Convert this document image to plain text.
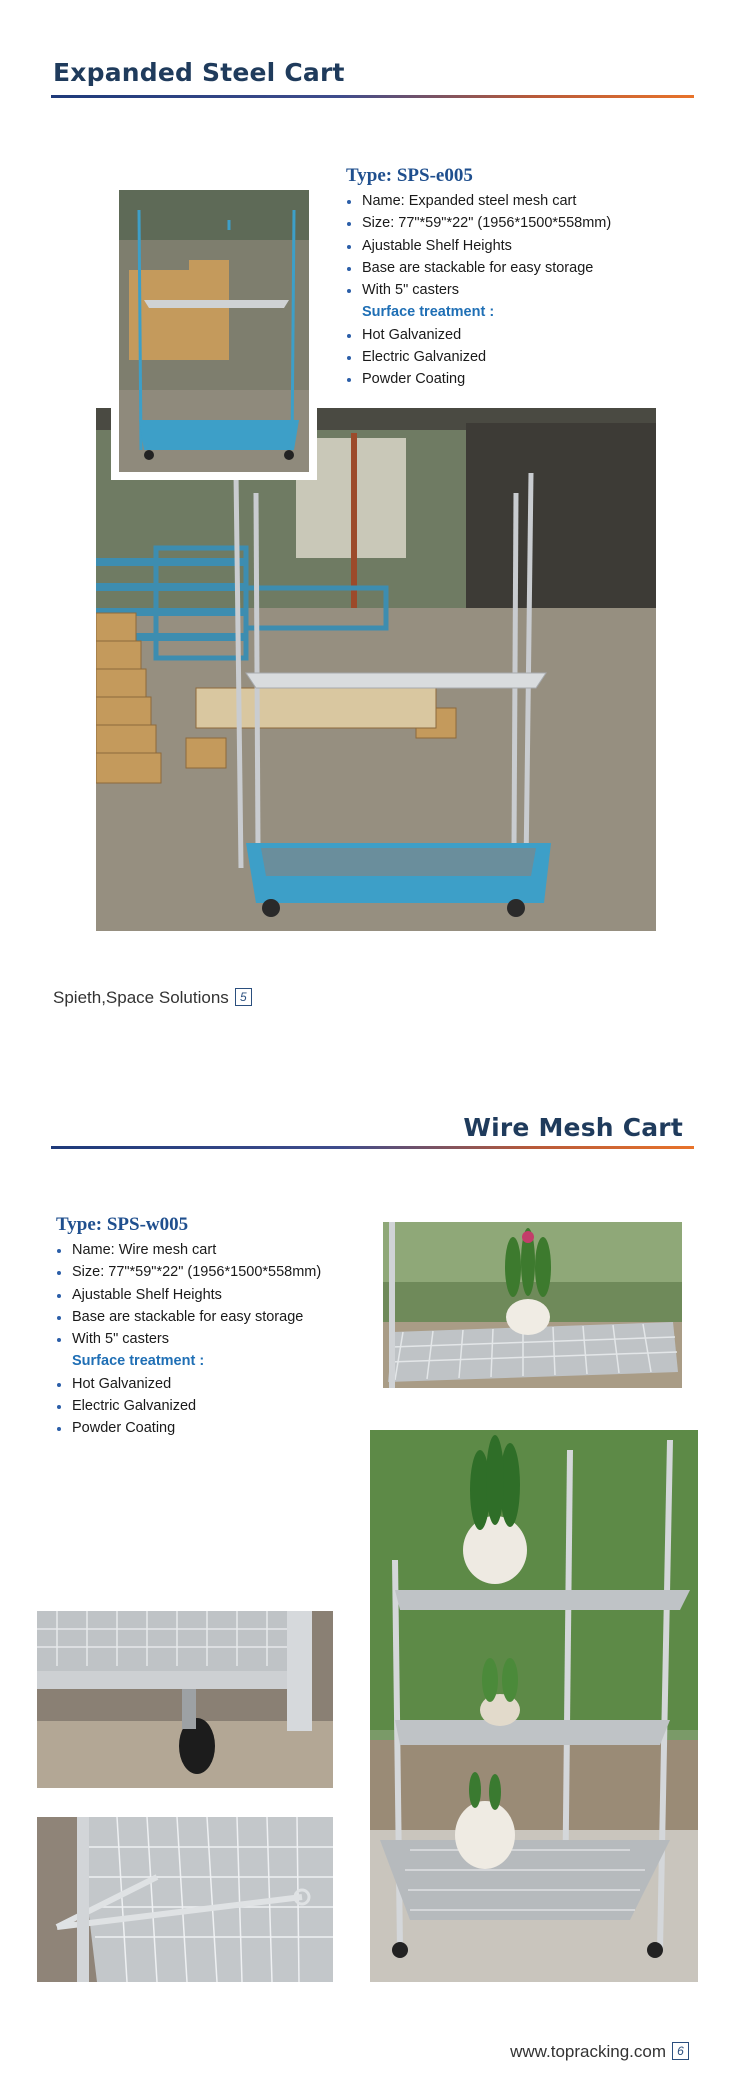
Expanded Steel Cart
Type: SPS-e005
Name: Expanded steel mesh cart
Size: 77"*59"*22" (1956*1500*558mm)
Ajustable Shelf Heights
Base are stackable for easy storage
With 5" casters
Surface treatment :
Hot Galvanized
Electric Galvanized
Powder Coating
Spieth,Space Solutions 5
Wire Mesh Cart
Type: SPS-w005
Name: Wire mesh cart
Size: 77"*59"*22" (1956*1500*558mm)
Ajustable Shelf Heights
Base are stackable for easy storage
With 5" casters
Surface treatment :
Hot Galvanized
Electric Galvanized
Powder Coating
www.topracking.com 6
